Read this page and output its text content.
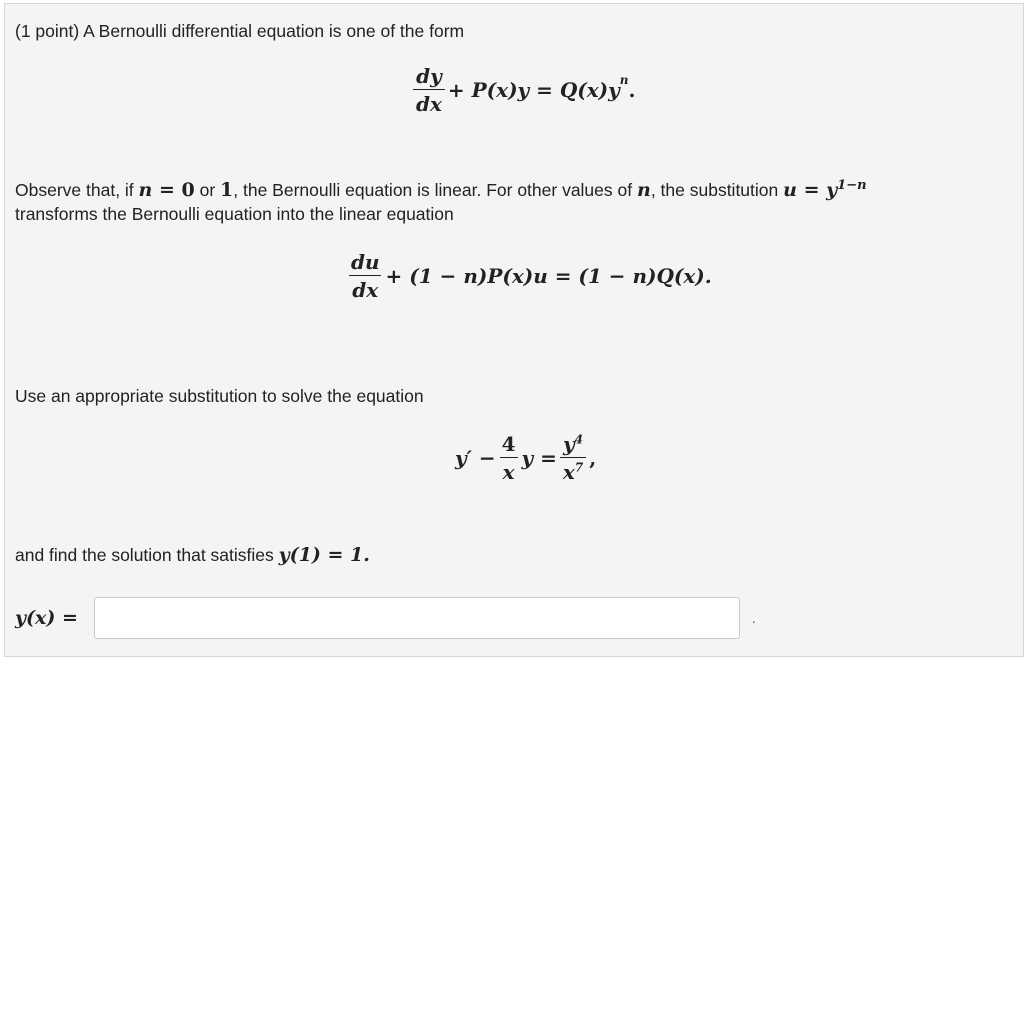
(1 point) A Bernoulli differential equation is one of the form
$\frac{dy}{dx} + P(x)y = Q(x)y^n$ .
Observe that, if n = 0 or 1, the Bernoulli equation is linear. For other values of n, the substitution $u = y^{1-n}$
transforms the Bernoulli equation into the linear equation
$\frac{du}{dx} + (1 - n)P(x)u = (1 - n)Q(x)$.
Use an appropriate substitution to solve the equation
$y' - \frac{4}{x}$ $y = \frac{y^4}{x^7}$ ,
and find the solution that satisfies y(1) = 1.
y(x) =	.
